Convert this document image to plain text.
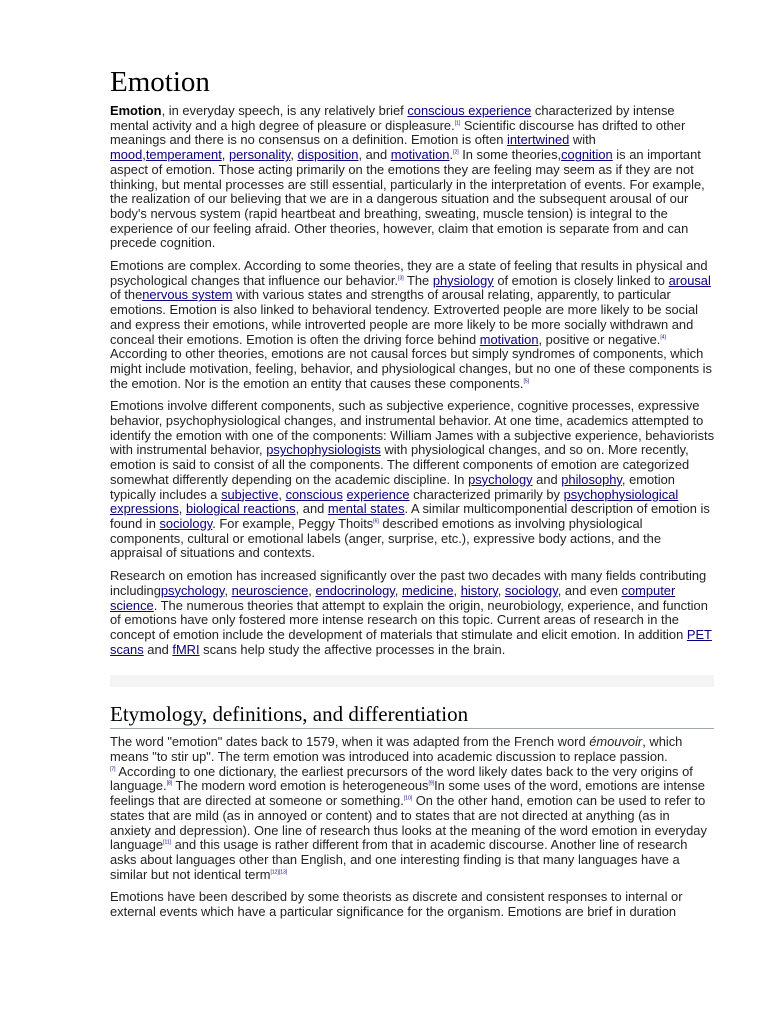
Emotion

Emotion, in everyday speech, is any relatively brief conscious experience characterized by intense mental activity and a high degree of pleasure or displeasure.[1] Scientific discourse has drifted to other meanings and there is no consensus on a definition. Emotion is often intertwined with mood,temperament, personality, disposition, and motivation.[2] In some theories,cognition is an important aspect of emotion. Those acting primarily on the emotions they are feeling may seem as if they are not thinking, but mental processes are still essential, particularly in the interpretation of events. For example, the realization of our believing that we are in a dangerous situation and the subsequent arousal of our body's nervous system (rapid heartbeat and breathing, sweating, muscle tension) is integral to the experience of our feeling afraid. Other theories, however, claim that emotion is separate from and can precede cognition.

Emotions are complex. According to some theories, they are a state of feeling that results in physical and psychological changes that influence our behavior.[3] The physiology of emotion is closely linked to arousal of thenervous system with various states and strengths of arousal relating, apparently, to particular emotions. Emotion is also linked to behavioral tendency. Extroverted people are more likely to be social and express their emotions, while introverted people are more likely to be more socially withdrawn and conceal their emotions. Emotion is often the driving force behind motivation, positive or negative.[4] According to other theories, emotions are not causal forces but simply syndromes of components, which might include motivation, feeling, behavior, and physiological changes, but no one of these components is the emotion. Nor is the emotion an entity that causes these components.[5]

Emotions involve different components, such as subjective experience, cognitive processes, expressive behavior, psychophysiological changes, and instrumental behavior. At one time, academics attempted to identify the emotion with one of the components: William James with a subjective experience, behaviorists with instrumental behavior, psychophysiologists with physiological changes, and so on. More recently, emotion is said to consist of all the components. The different components of emotion are categorized somewhat differently depending on the academic discipline. In psychology and philosophy, emotion typically includes a subjective, conscious experience characterized primarily by psychophysiological expressions, biological reactions, and mental states. A similar multicomponential description of emotion is found in sociology. For example, Peggy Thoits[6] described emotions as involving physiological components, cultural or emotional labels (anger, surprise, etc.), expressive body actions, and the appraisal of situations and contexts.

Research on emotion has increased significantly over the past two decades with many fields contributing includingpsychology, neuroscience, endocrinology, medicine, history, sociology, and even computer science. The numerous theories that attempt to explain the origin, neurobiology, experience, and function of emotions have only fostered more intense research on this topic. Current areas of research in the concept of emotion include the development of materials that stimulate and elicit emotion. In addition PET scans and fMRI scans help study the affective processes in the brain.

Etymology, definitions, and differentiation

The word "emotion" dates back to 1579, when it was adapted from the French word émouvoir, which means "to stir up". The term emotion was introduced into academic discussion to replace passion.
[7] According to one dictionary, the earliest precursors of the word likely dates back to the very origins of language.[8] The modern word emotion is heterogeneous[9]In some uses of the word, emotions are intense feelings that are directed at someone or something.[10] On the other hand, emotion can be used to refer to states that are mild (as in annoyed or content) and to states that are not directed at anything (as in anxiety and depression). One line of research thus looks at the meaning of the word emotion in everyday language[11] and this usage is rather different from that in academic discourse. Another line of research asks about languages other than English, and one interesting finding is that many languages have a similar but not identical term[12][13]

Emotions have been described by some theorists as discrete and consistent responses to internal or external events which have a particular significance for the organism. Emotions are brief in duration
